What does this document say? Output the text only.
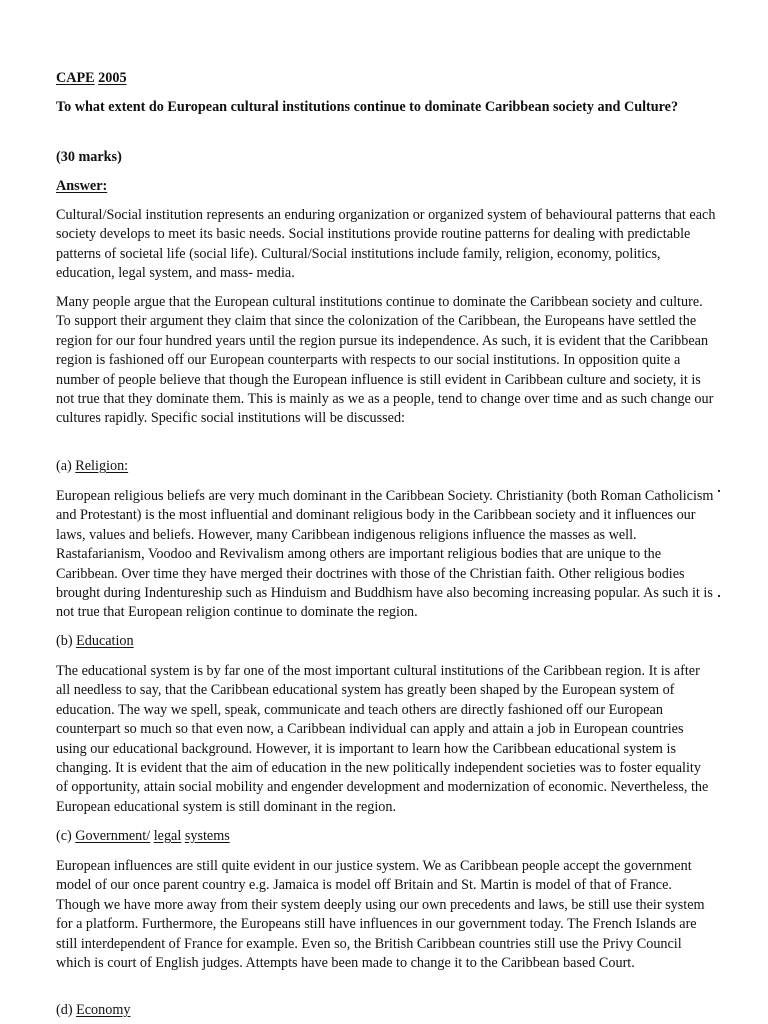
CAPE 2005

To what extent do European cultural institutions continue to dominate Caribbean society and Culture?

(30 marks)

Answer:

Cultural/Social institution represents an enduring organization or organized system of behavioural patterns that each society develops to meet its basic needs. Social institutions provide routine patterns for dealing with predictable patterns of societal life (social life). Cultural/Social institutions include family, religion, economy, politics, education, legal system, and mass- media.

Many people argue that the European cultural institutions continue to dominate the Caribbean society and culture. To support their argument they claim that since the colonization of the Caribbean, the Europeans have settled the region for our four hundred years until the region pursue its independence. As such, it is evident that the Caribbean region is fashioned off our European counterparts with respects to our social institutions. In opposition quite a number of people believe that though the European influence is still evident in Caribbean culture and society, it is not true that they dominate them. This is mainly as we as a people, tend to change over time and as such change our cultures rapidly. Specific social institutions will be discussed:

(a) Religion:

European religious beliefs are very much dominant in the Caribbean Society. Christianity (both Roman Catholicism and Protestant) is the most influential and dominant religious body in the Caribbean society and it influences our laws, values and beliefs. However, many Caribbean indigenous religions influence the masses as well. Rastafarianism, Voodoo and Revivalism among others are important religious bodies that are unique to the Caribbean. Over time they have merged their doctrines with those of the Christian faith. Other religious bodies brought during Indentureship such as Hinduism and Buddhism have also becoming increasing popular. As such it is not true that European religion continue to dominate the region.

(b) Education

The educational system is by far one of the most important cultural institutions of the Caribbean region. It is after all needless to say, that the Caribbean educational system has greatly been shaped by the European system of education. The way we spell, speak, communicate and teach others are directly fashioned off our European counterpart so much so that even now, a Caribbean individual can apply and attain a job in European countries using our educational background. However, it is important to learn how the Caribbean educational system is changing. It is evident that the aim of education in the new politically independent societies was to foster equality of opportunity, attain social mobility and engender development and modernization of economic. Nevertheless, the European educational system is still dominant in the region.

(c) Government/ legal systems

European influences are still quite evident in our justice system. We as Caribbean people accept the government model of our once parent country e.g. Jamaica is model off Britain and St. Martin is model of that of France. Though we have more away from their system deeply using our own precedents and laws, be still use their system for a platform. Furthermore, the Europeans still have influences in our government today. The French Islands are still interdependent of France for example. Even so, the British Caribbean countries still use the Privy Council which is court of English judges. Attempts have been made to change it to the Caribbean based Court.

(d) Economy
